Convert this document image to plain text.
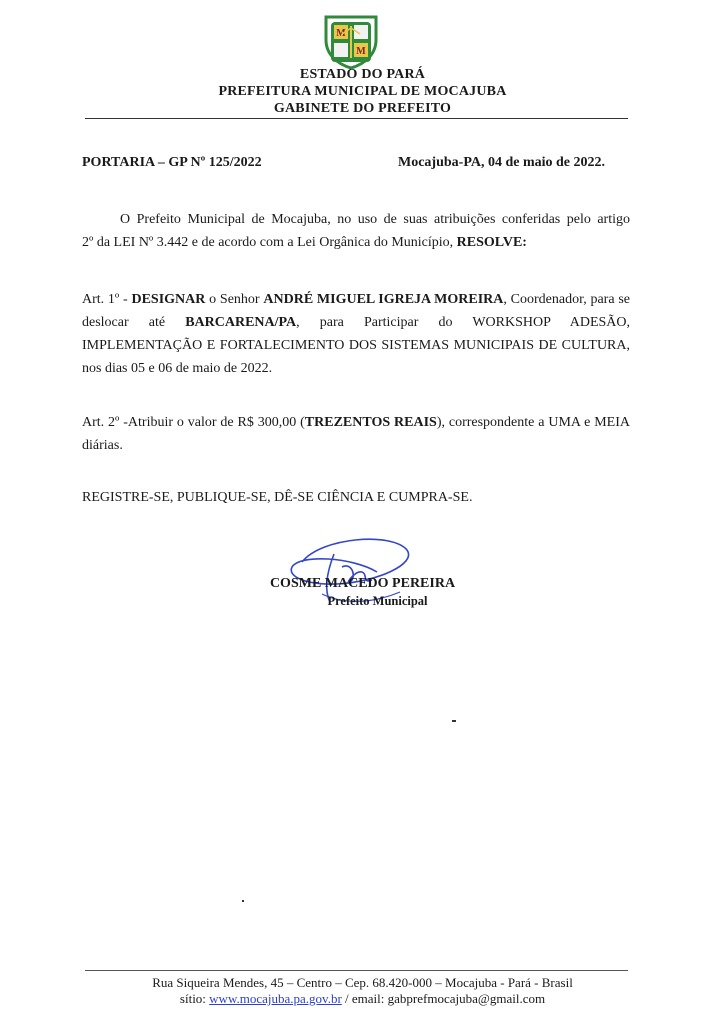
M
M
ESTADO DO PARÁ
PREFEITURA MUNICIPAL DE MOCAJUBA
GABINETE DO PREFEITO
PORTARIA – GP Nº 125/2022	Mocajuba-PA, 04 de maio de 2022.

O Prefeito Municipal de Mocajuba, no uso de suas atribuições conferidas pelo artigo

2º da LEI Nº 3.442 e de acordo com a Lei Orgânica do Município, RESOLVE:

Art. 1º - DESIGNAR o Senhor ANDRÉ MIGUEL IGREJA MOREIRA, Coordenador, para se deslocar até BARCARENA/PA, para Participar do WORKSHOP ADESÃO, IMPLEMENTAÇÃO E FORTALECIMENTO DOS SISTEMAS MUNICIPAIS DE CULTURA, nos dias 05 e 06 de maio de 2022.

Art. 2º -Atribuir o valor de R$ 300,00 (TREZENTOS REAIS), correspondente a UMA e MEIA diárias.

REGISTRE-SE, PUBLIQUE-SE, DÊ-SE CIÊNCIA E CUMPRA-SE.
COSME MACEDO PEREIRA
Prefeito Municipal
Rua Siqueira Mendes, 45 – Centro – Cep. 68.420-000 – Mocajuba - Pará - Brasil
sítio: www.mocajuba.pa.gov.br / email: gabprefmocajuba@gmail.com
